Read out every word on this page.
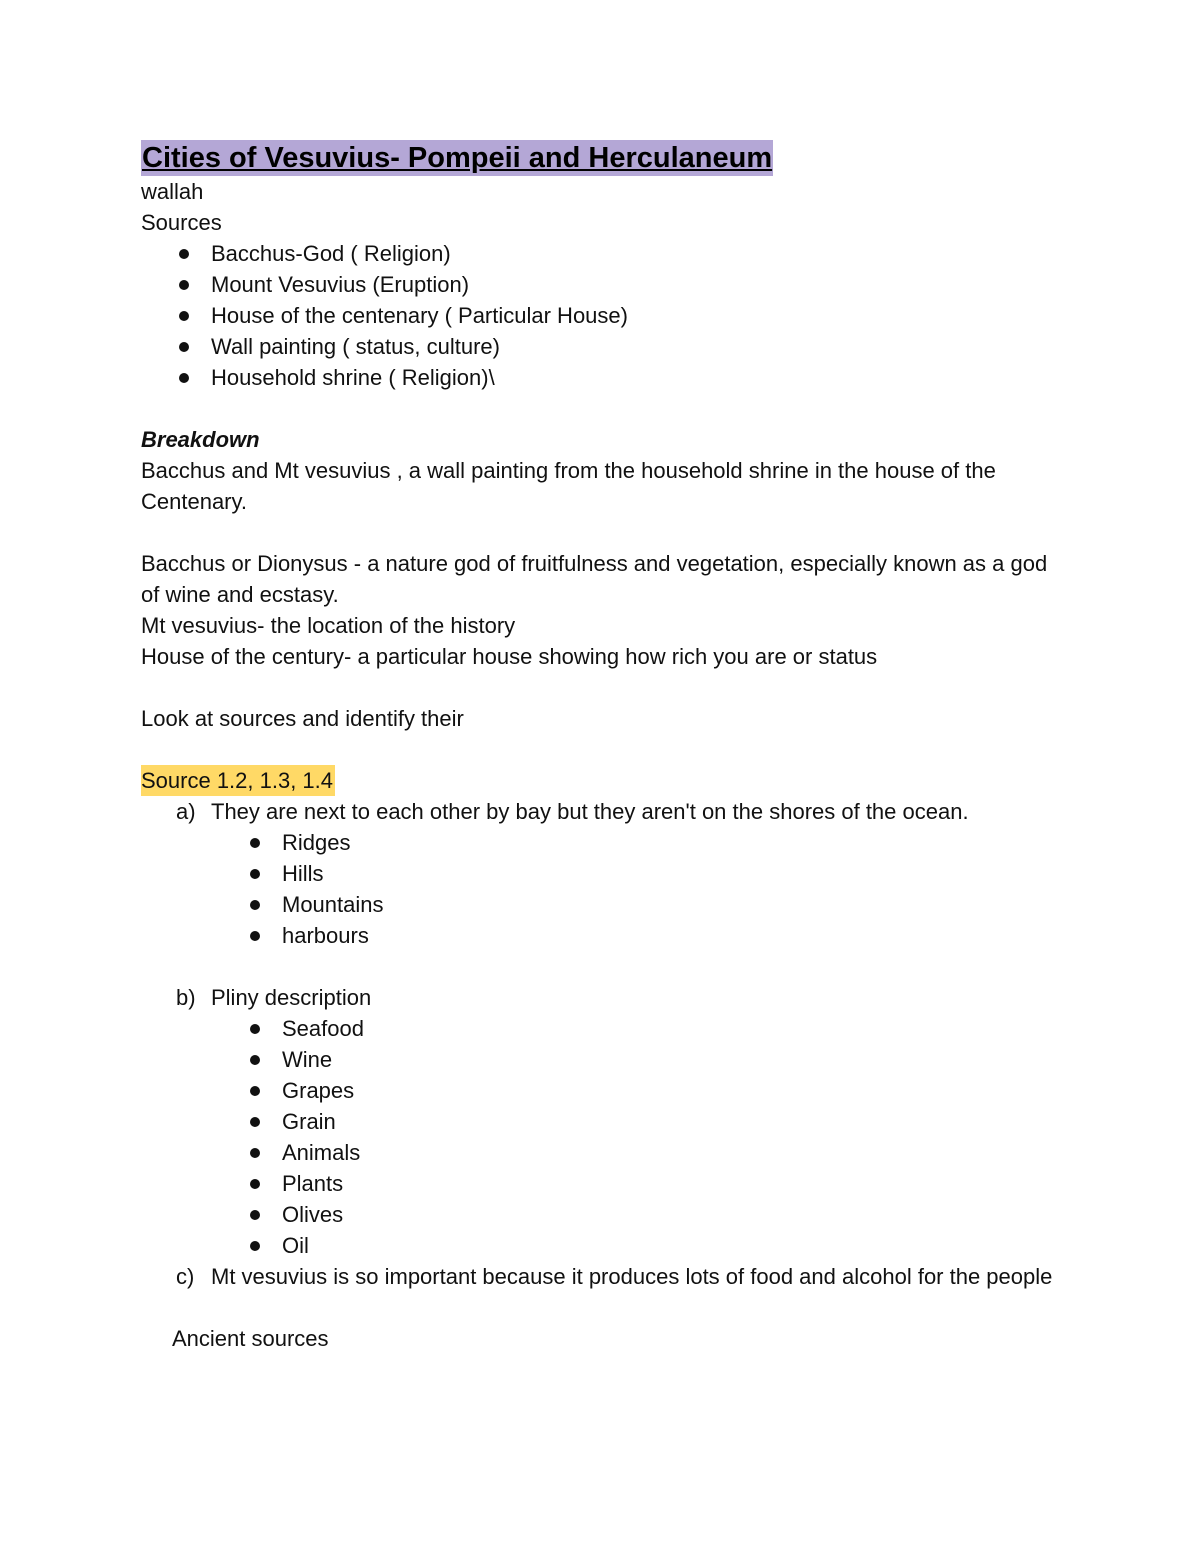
Cities of Vesuvius- Pompeii and Herculaneum
wallah
Sources
Bacchus-God ( Religion)
Mount Vesuvius (Eruption)
House of the centenary ( Particular House)
Wall painting ( status, culture)
Household shrine ( Religion)\
Breakdown
Bacchus and Mt vesuvius , a wall painting from the household shrine in the house of the Centenary.
Bacchus or Dionysus - a nature god of fruitfulness and vegetation, especially known as a god of wine and ecstasy.
Mt vesuvius- the location of the history
House of the century- a particular house showing how rich you are or status
Look at sources and identify their
Source 1.2, 1.3, 1.4
a) They are next to each other by bay but they aren't on the shores of the ocean.
Ridges
Hills
Mountains
harbours
b) Pliny description
Seafood
Wine
Grapes
Grain
Animals
Plants
Olives
Oil
c) Mt vesuvius is so important because it produces lots of food and alcohol for the people
Ancient sources
